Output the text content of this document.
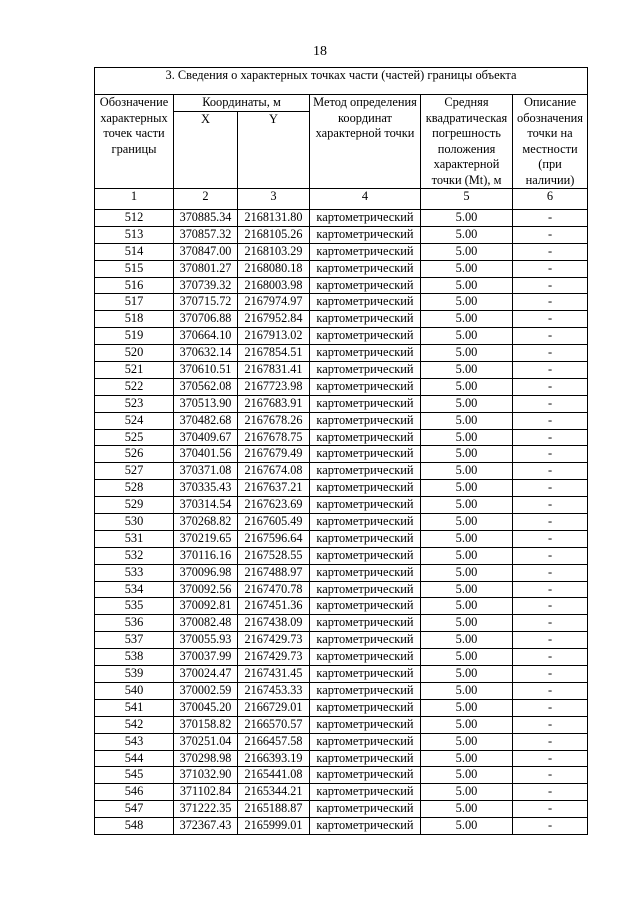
18
3. Сведения о характерных точках части (частей) границы объекта					
Обозначение характерных точек части границы	Координаты, м		Метод определения координат характерной точки	Средняя квадратическая погрешность положения характерной точки (Mt), м	Описание обозначения точки на местности (при наличии)
	X	Y			
1	2	3	4	5	6
512	370885.34	2168131.80	картометрический	5.00	-
513	370857.32	2168105.26	картометрический	5.00	-
514	370847.00	2168103.29	картометрический	5.00	-
515	370801.27	2168080.18	картометрический	5.00	-
516	370739.32	2168003.98	картометрический	5.00	-
517	370715.72	2167974.97	картометрический	5.00	-
518	370706.88	2167952.84	картометрический	5.00	-
519	370664.10	2167913.02	картометрический	5.00	-
520	370632.14	2167854.51	картометрический	5.00	-
521	370610.51	2167831.41	картометрический	5.00	-
522	370562.08	2167723.98	картометрический	5.00	-
523	370513.90	2167683.91	картометрический	5.00	-
524	370482.68	2167678.26	картометрический	5.00	-
525	370409.67	2167678.75	картометрический	5.00	-
526	370401.56	2167679.49	картометрический	5.00	-
527	370371.08	2167674.08	картометрический	5.00	-
528	370335.43	2167637.21	картометрический	5.00	-
529	370314.54	2167623.69	картометрический	5.00	-
530	370268.82	2167605.49	картометрический	5.00	-
531	370219.65	2167596.64	картометрический	5.00	-
532	370116.16	2167528.55	картометрический	5.00	-
533	370096.98	2167488.97	картометрический	5.00	-
534	370092.56	2167470.78	картометрический	5.00	-
535	370092.81	2167451.36	картометрический	5.00	-
536	370082.48	2167438.09	картометрический	5.00	-
537	370055.93	2167429.73	картометрический	5.00	-
538	370037.99	2167429.73	картометрический	5.00	-
539	370024.47	2167431.45	картометрический	5.00	-
540	370002.59	2167453.33	картометрический	5.00	-
541	370045.20	2166729.01	картометрический	5.00	-
542	370158.82	2166570.57	картометрический	5.00	-
543	370251.04	2166457.58	картометрический	5.00	-
544	370298.98	2166393.19	картометрический	5.00	-
545	371032.90	2165441.08	картометрический	5.00	-
546	371102.84	2165344.21	картометрический	5.00	-
547	371222.35	2165188.87	картометрический	5.00	-
548	372367.43	2165999.01	картометрический	5.00	-
